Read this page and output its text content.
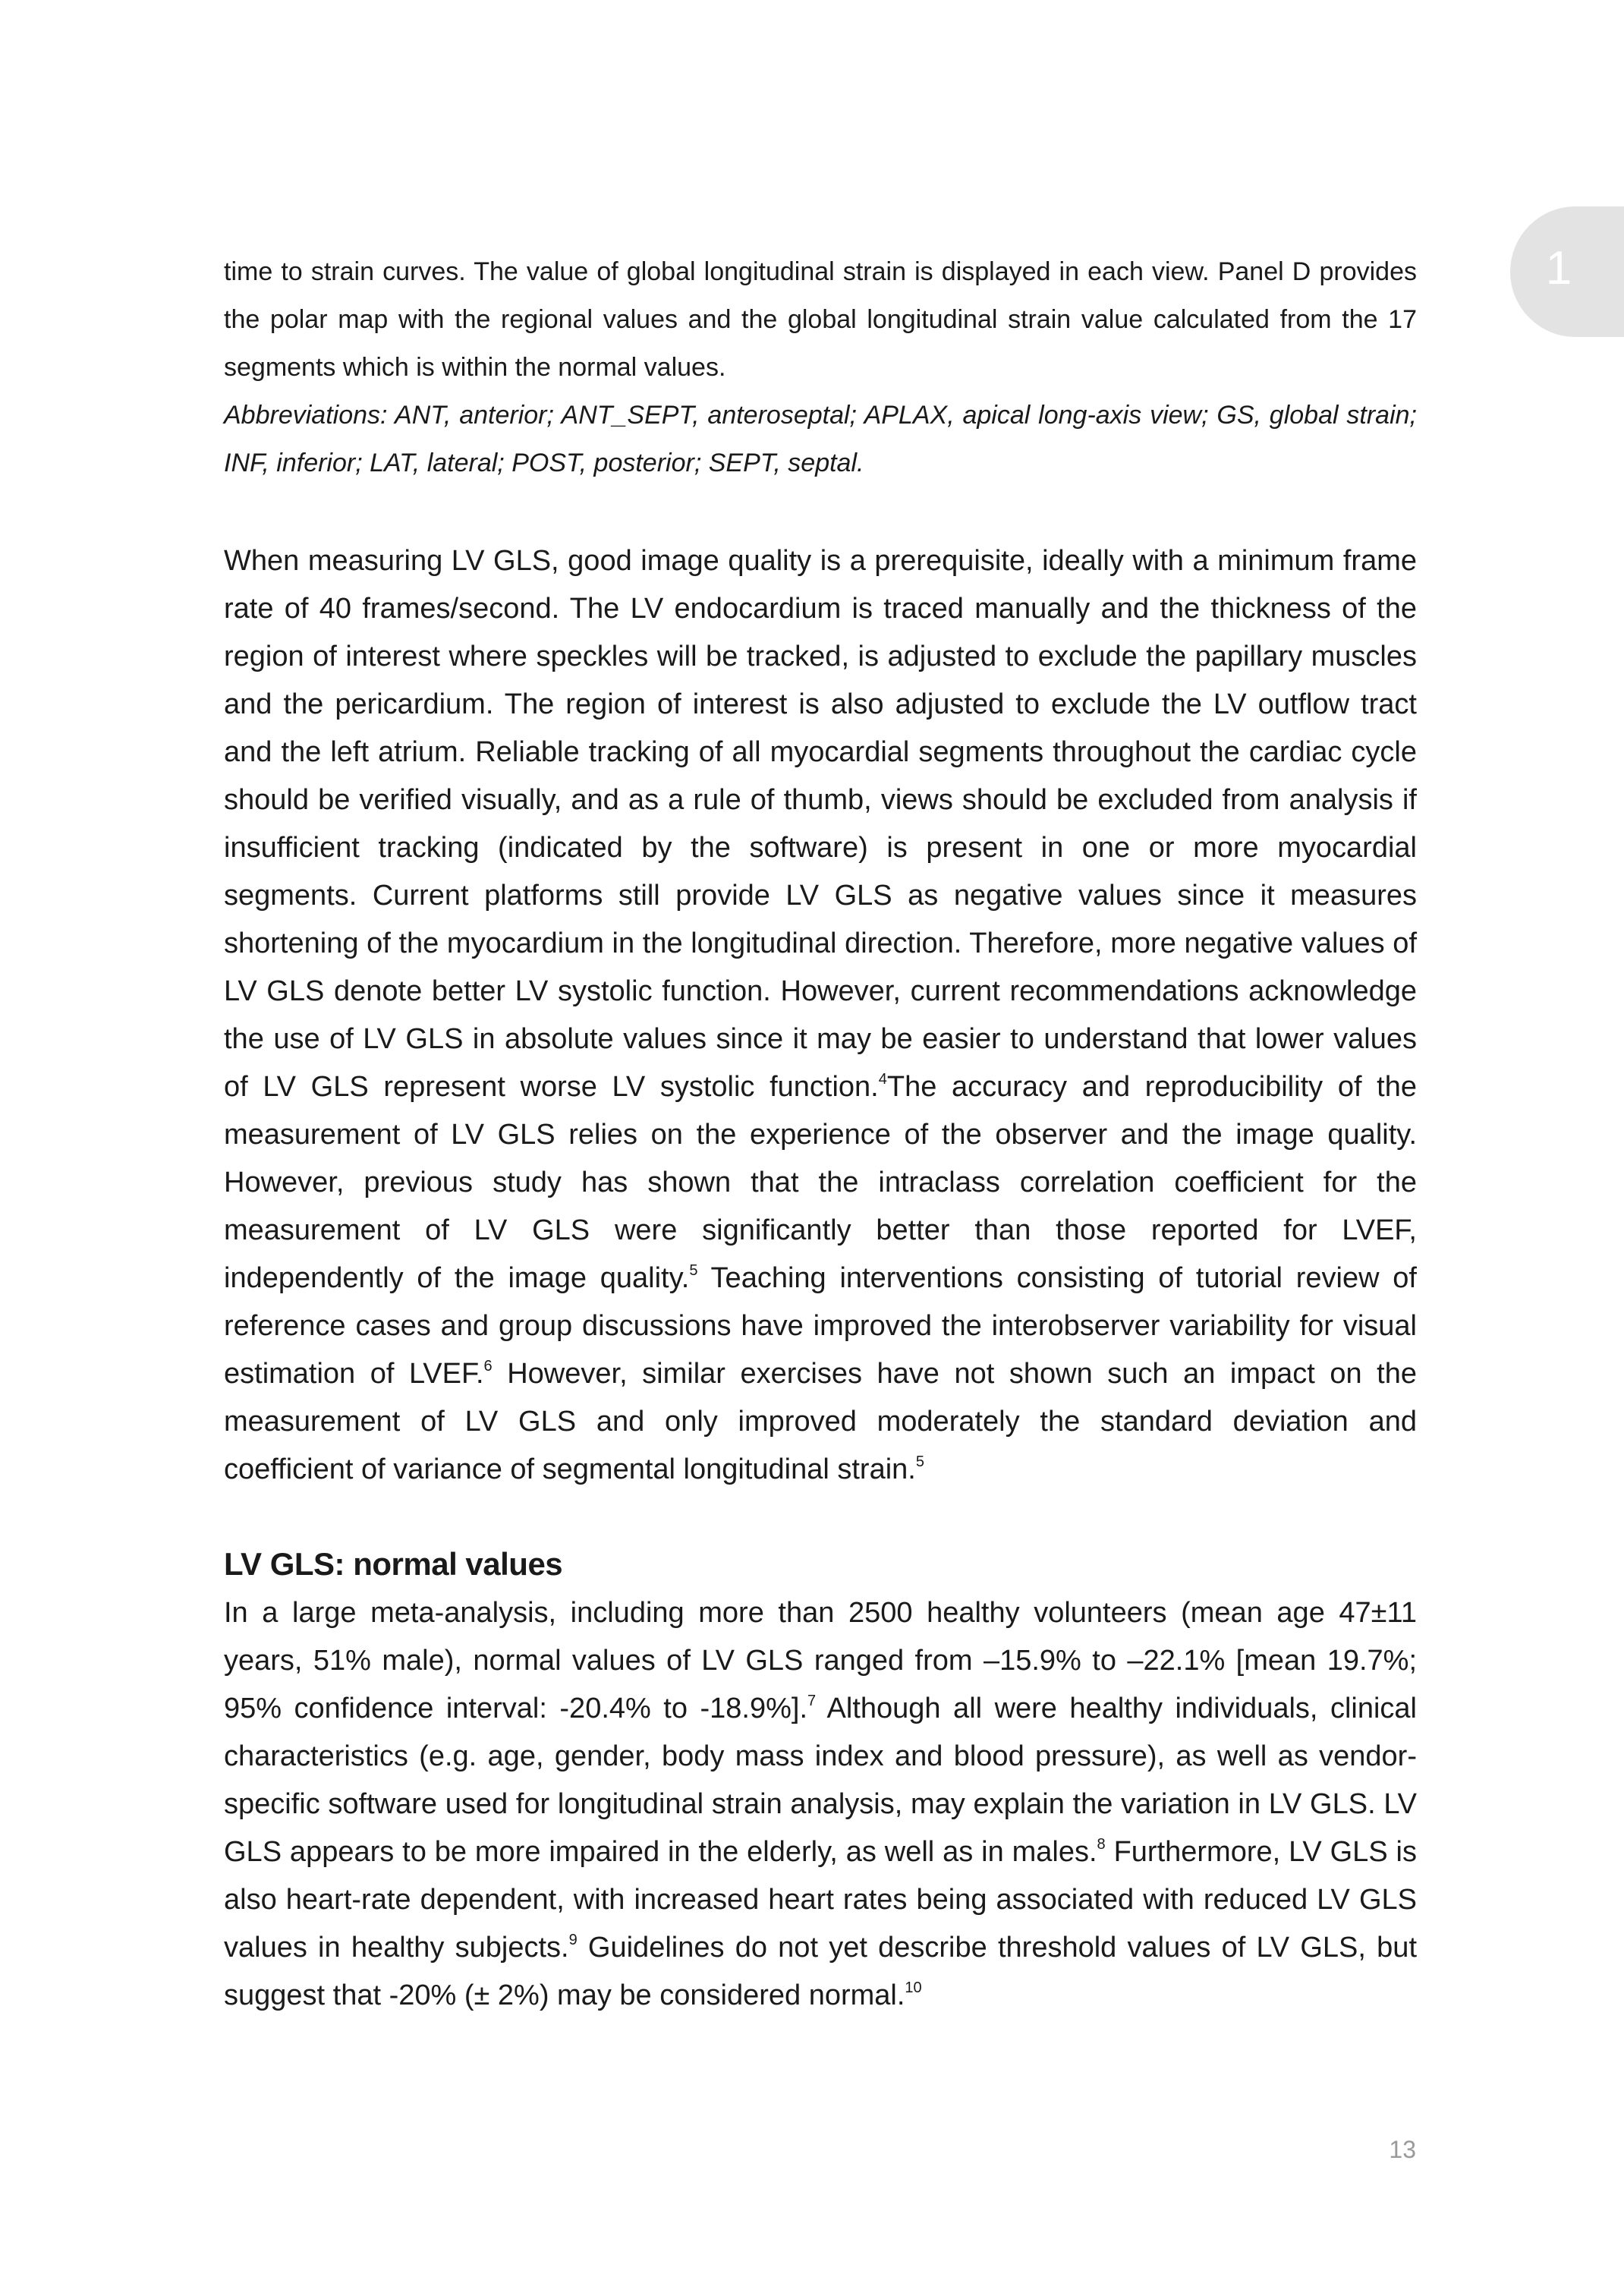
1

time to strain curves. The value of global longitudinal strain is displayed in each view. Panel D provides the polar map with the regional values and the global longitudinal strain value calculated from the 17 segments which is within the normal values.

Abbreviations: ANT, anterior; ANT_SEPT, anteroseptal; APLAX, apical long-axis view; GS, global strain; INF, inferior; LAT, lateral; POST, posterior; SEPT, septal.

When measuring LV GLS, good image quality is a prerequisite, ideally with a minimum frame rate of 40 frames/second. The LV endocardium is traced manually and the thickness of the region of interest where speckles will be tracked, is adjusted to exclude the papillary muscles and the pericardium. The region of interest is also adjusted to exclude the LV outflow tract and the left atrium. Reliable tracking of all myocardial segments throughout the cardiac cycle should be verified visually, and as a rule of thumb, views should be excluded from analysis if insufficient tracking (indicated by the software) is present in one or more myocardial segments. Current platforms still provide LV GLS as negative values since it measures shortening of the myocardium in the longitudinal direction. Therefore, more negative values of LV GLS denote better LV systolic function. However, current recommendations acknowledge the use of LV GLS in absolute values since it may be easier to understand that lower values of LV GLS represent worse LV systolic function.$^4$The accuracy and reproducibility of the measurement of LV GLS relies on the experience of the observer and the image quality. However, previous study has shown that the intraclass correlation coefficient for the measurement of LV GLS were significantly better than those reported for LVEF, independently of the image quality.$^5$ Teaching interventions consisting of tutorial review of reference cases and group discussions have improved the interobserver variability for visual estimation of LVEF.$^6$ However, similar exercises have not shown such an impact on the measurement of LV GLS and only improved moderately the standard deviation and coefficient of variance of segmental longitudinal strain.$^5$

LV GLS: normal values

In a large meta-analysis, including more than 2500 healthy volunteers (mean age 47±11 years, 51% male), normal values of LV GLS ranged from –15.9% to –22.1% [mean 19.7%; 95% confidence interval: -20.4% to -18.9%].$^7$ Although all were healthy individuals, clinical characteristics (e.g. age, gender, body mass index and blood pressure), as well as vendor-specific software used for longitudinal strain analysis, may explain the variation in LV GLS. LV GLS appears to be more impaired in the elderly, as well as in males.$^8$ Furthermore, LV GLS is also heart-rate dependent, with increased heart rates being associated with reduced LV GLS values in healthy subjects.$^9$ Guidelines do not yet describe threshold values of LV GLS, but suggest that -20% (± 2%) may be considered normal.$^{10}$

13
